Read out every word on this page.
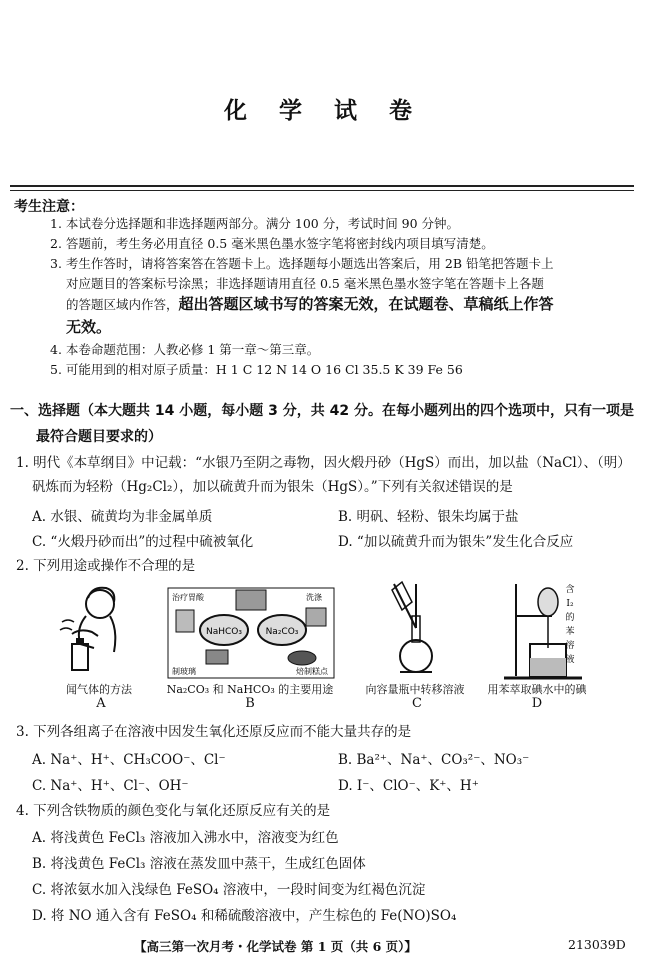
化 学 试 卷
考生注意：
1. 本试卷分选择题和非选择题两部分。满分 100 分，考试时间 90 分钟。
2. 答题前，考生务必用直径 0.5 毫米黑色墨水签字笔将密封线内项目填写清楚。
3. 考生作答时，请将答案答在答题卡上。选择题每小题选出答案后，用 2B 铅笔把答题卡上
对应题目的答案标号涂黑；非选择题请用直径 0.5 毫米黑色墨水签字笔在答题卡上各题
的答题区域内作答，超出答题区域书写的答案无效，在试题卷、草稿纸上作答
无效。
4. 本卷命题范围：人教必修 1 第一章～第三章。
5. 可能用到的相对原子质量：H 1 C 12 N 14 O 16 Cl 35.5 K 39 Fe 56
一、选择题（本大题共 14 小题，每小题 3 分，共 42 分。在每小题列出的四个选项中，只有一项是
最符合题目要求的）
1. 明代《本草纲目》中记载：“水银乃至阴之毒物，因火煅丹砂（HgS）而出，加以盐（NaCl）、（明）
矾炼而为轻粉（Hg₂Cl₂），加以硫黄升而为银朱（HgS）。”下列有关叙述错误的是
A. 水银、硫黄均为非金属单质	B. 明矾、轻粉、银朱均属于盐
C. “火煅丹砂而出”的过程中硫被氧化	D. “加以硫黄升而为银朱”发生化合反应
2. 下列用途或操作不合理的是
NaHCO₃	Na₂CO₃
治疗胃酸	洗涤
制玻璃	焙制糕点
含
I₂
的
苯
溶
液
闻气体的方法	Na₂CO₃ 和 NaHCO₃ 的主要用途	向容量瓶中转移溶液	用苯萃取碘水中的碘
A	B	C	D
3. 下列各组离子在溶液中因发生氧化还原反应而不能大量共存的是
A. Na⁺、H⁺、CH₃COO⁻、Cl⁻	B. Ba²⁺、Na⁺、CO₃²⁻、NO₃⁻
C. Na⁺、H⁺、Cl⁻、OH⁻	D. I⁻、ClO⁻、K⁺、H⁺
4. 下列含铁物质的颜色变化与氧化还原反应有关的是
A. 将浅黄色 FeCl₃ 溶液加入沸水中，溶液变为红色
B. 将浅黄色 FeCl₃ 溶液在蒸发皿中蒸干，生成红色固体
C. 将浓氨水加入浅绿色 FeSO₄ 溶液中，一段时间变为红褐色沉淀
D. 将 NO 通入含有 FeSO₄ 和稀硫酸溶液中，产生棕色的 Fe(NO)SO₄
【高三第一次月考・化学试卷 第 1 页（共 6 页）】	213039D
